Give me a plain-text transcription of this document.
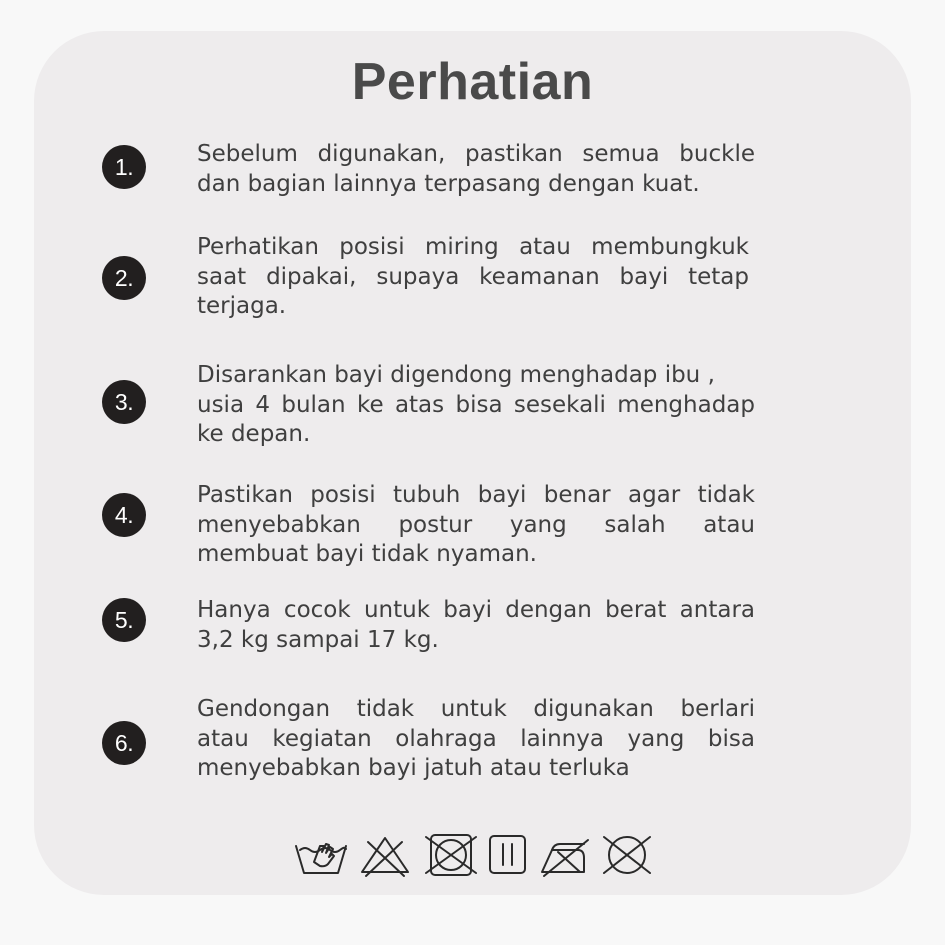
Perhatian
1.	Sebelum digunakan, pastikan semua buckle
dan bagian lainnya terpasang dengan kuat.
2.
Perhatikan posisi miring atau membungkuk
saat dipakai, supaya keamanan bayi tetap
terjaga.
3.
Disarankan bayi digendong menghadap ibu ,
usia 4 bulan ke atas bisa sesekali menghadap
ke depan.
4.
Pastikan posisi tubuh bayi benar agar tidak
menyebabkan postur yang salah atau
membuat bayi tidak nyaman.
5.	Hanya cocok untuk bayi dengan berat antara
3,2 kg sampai 17 kg.
6.
Gendongan tidak untuk digunakan berlari
atau kegiatan olahraga lainnya yang bisa
menyebabkan bayi jatuh atau terluka
